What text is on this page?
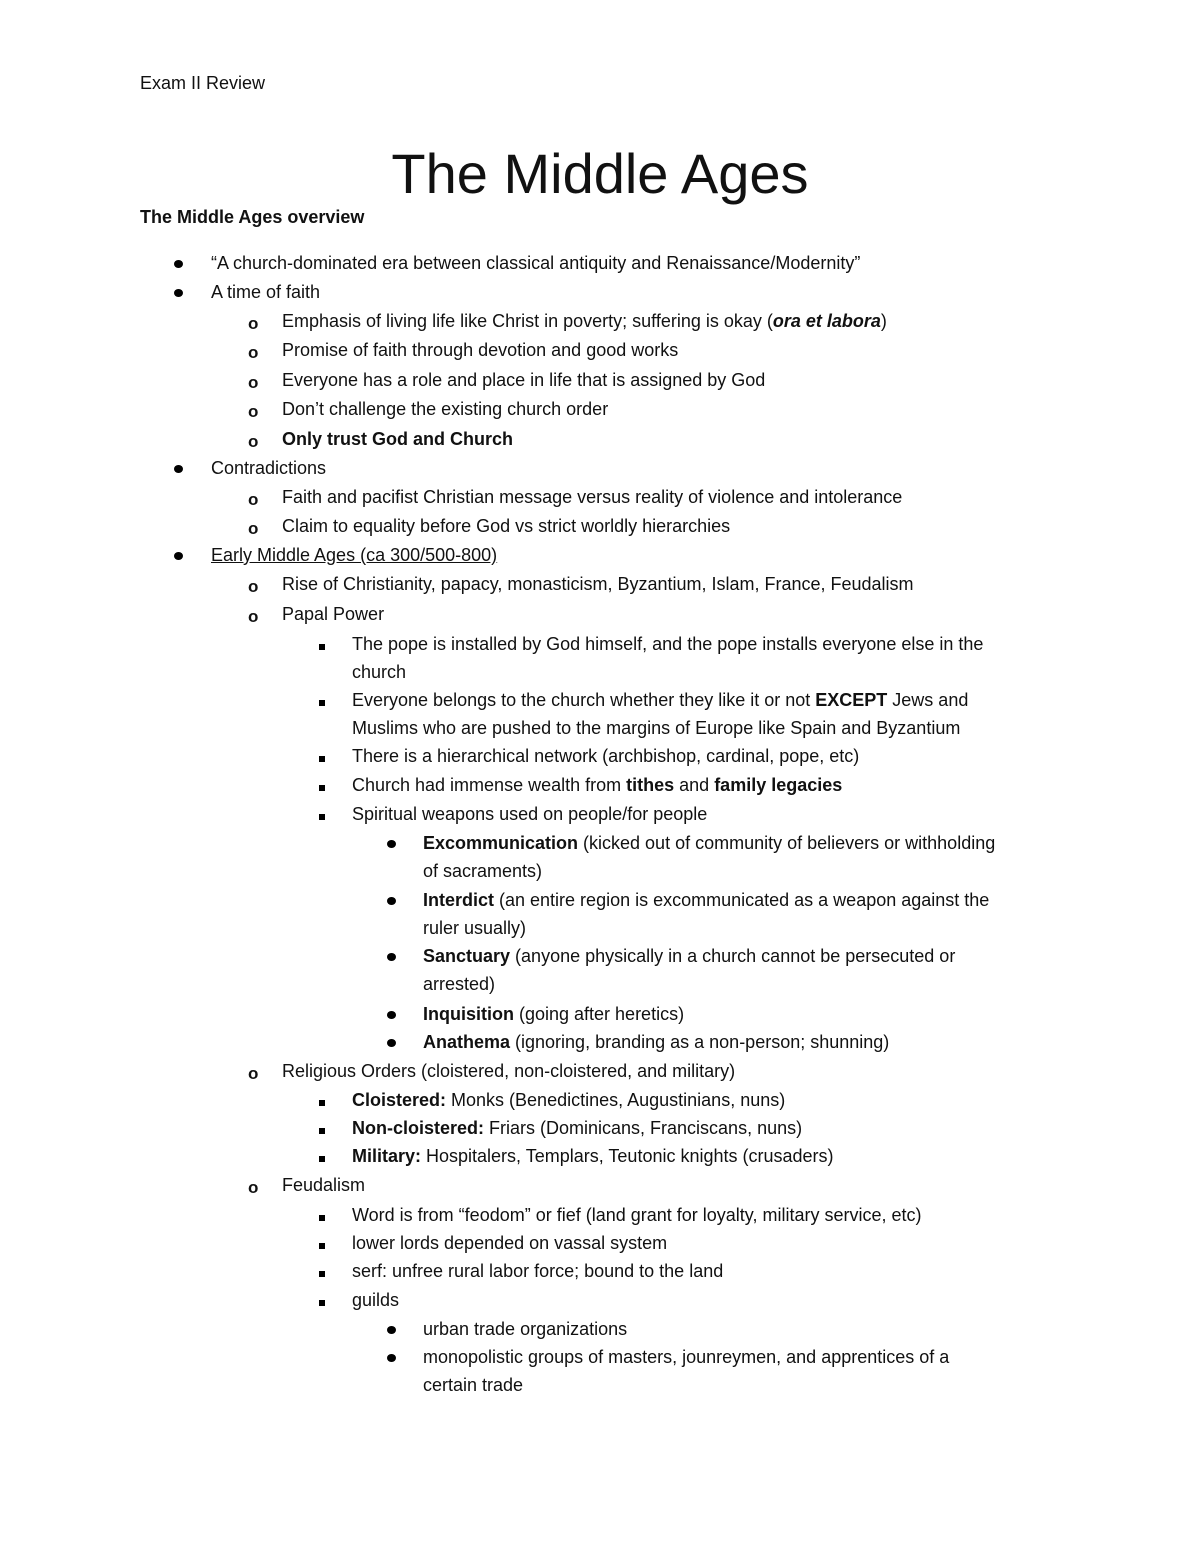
Exam II Review
The Middle Ages
The Middle Ages overview
“A church-dominated era between classical antiquity and Renaissance/Modernity”
A time of faith
o Emphasis of living life like Christ in poverty; suffering is okay (ora et labora)
o Promise of faith through devotion and good works
o Everyone has a role and place in life that is assigned by God
o Don’t challenge the existing church order
o Only trust God and Church
Contradictions
o Faith and pacifist Christian message versus reality of violence and intolerance
o Claim to equality before God vs strict worldly hierarchies
Early Middle Ages (ca 300/500-800)
o Rise of Christianity, papacy, monasticism, Byzantium, Islam, France, Feudalism
o Papal Power
The pope is installed by God himself, and the pope installs everyone else in the
church
Everyone belongs to the church whether they like it or not EXCEPT Jews and
Muslims who are pushed to the margins of Europe like Spain and Byzantium
There is a hierarchical network (archbishop, cardinal, pope, etc)
Church had immense wealth from tithes and family legacies
Spiritual weapons used on people/for people
Excommunication (kicked out of community of believers or withholding
of sacraments)
Interdict (an entire region is excommunicated as a weapon against the
ruler usually)
Sanctuary (anyone physically in a church cannot be persecuted or
arrested)
Inquisition (going after heretics)
Anathema (ignoring, branding as a non-person; shunning)
o Religious Orders (cloistered, non-cloistered, and military)
Cloistered: Monks (Benedictines, Augustinians, nuns)
Non-cloistered: Friars (Dominicans, Franciscans, nuns)
Military: Hospitalers, Templars, Teutonic knights (crusaders)
o Feudalism
Word is from “feodom” or fief (land grant for loyalty, military service, etc)
lower lords depended on vassal system
serf: unfree rural labor force; bound to the land
guilds
urban trade organizations
monopolistic groups of masters, jounreymen, and apprentices of a
certain trade
